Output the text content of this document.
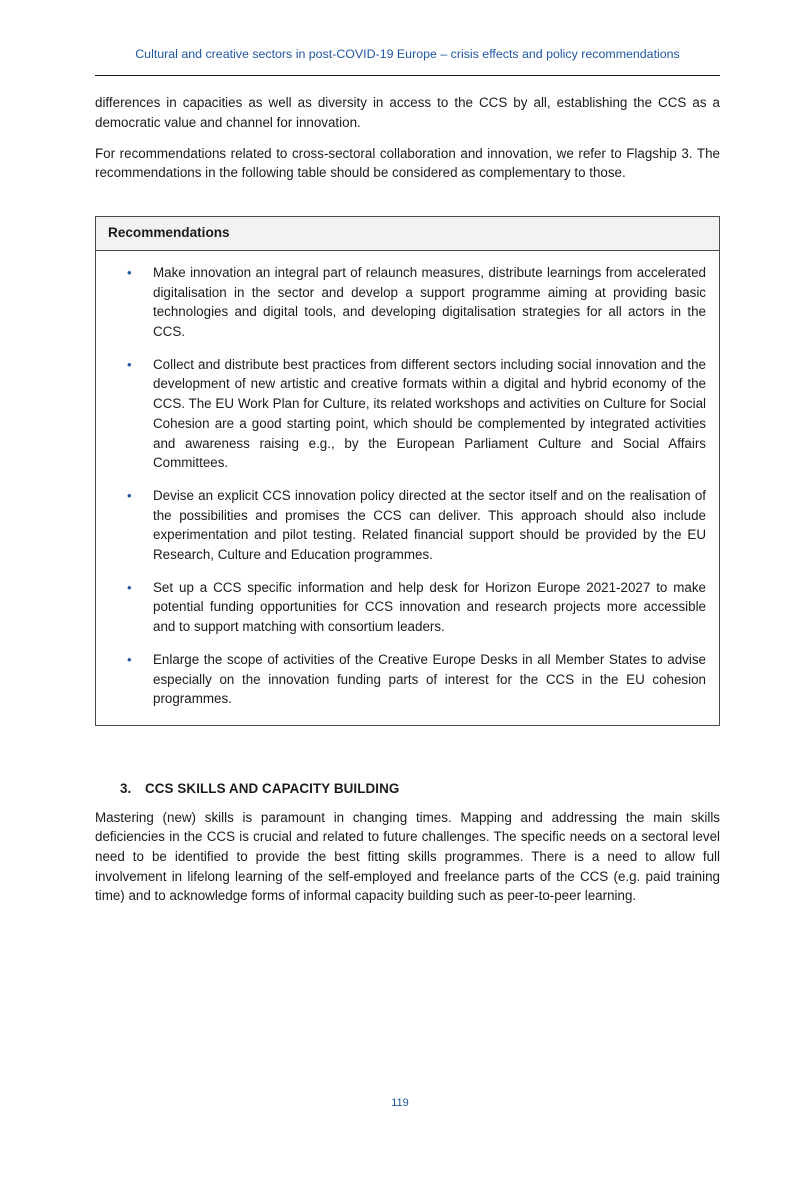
Cultural and creative sectors in post-COVID-19 Europe – crisis effects and policy recommendations

differences in capacities as well as diversity in access to the CCS by all, establishing the CCS as a democratic value and channel for innovation.

For recommendations related to cross-sectoral collaboration and innovation, we refer to Flagship 3. The recommendations in the following table should be considered as complementary to those.

Recommendations
•	Make innovation an integral part of relaunch measures, distribute learnings from accelerated digitalisation in the sector and develop a support programme aiming at providing basic technologies and digital tools, and developing digitalisation strategies for all actors in the CCS.
•	Collect and distribute best practices from different sectors including social innovation and the development of new artistic and creative formats within a digital and hybrid economy of the CCS. The EU Work Plan for Culture, its related workshops and activities on Culture for Social Cohesion are a good starting point, which should be complemented by integrated activities and awareness raising e.g., by the European Parliament Culture and Social Affairs Committees.
•	Devise an explicit CCS innovation policy directed at the sector itself and on the realisation of the possibilities and promises the CCS can deliver. This approach should also include experimentation and pilot testing. Related financial support should be provided by the EU Research, Culture and Education programmes.
•	Set up a CCS specific information and help desk for Horizon Europe 2021-2027 to make potential funding opportunities for CCS innovation and research projects more accessible and to support matching with consortium leaders.
•	Enlarge the scope of activities of the Creative Europe Desks in all Member States to advise especially on the innovation funding parts of interest for the CCS in the EU cohesion programmes.
3.	CCS SKILLS AND CAPACITY BUILDING

Mastering (new) skills is paramount in changing times. Mapping and addressing the main skills deficiencies in the CCS is crucial and related to future challenges. The specific needs on a sectoral level need to be identified to provide the best fitting skills programmes. There is a need to allow full involvement in lifelong learning of the self-employed and freelance parts of the CCS (e.g. paid training time) and to acknowledge forms of informal capacity building such as peer-to-peer learning.

119
